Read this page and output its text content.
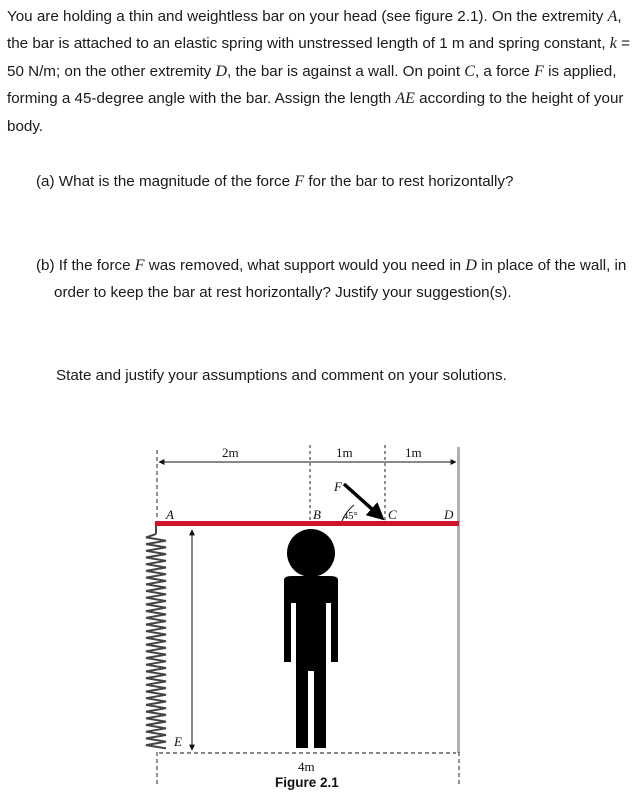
You are holding a thin and weightless bar on your head (see figure 2.1). On the extremity A, the bar is attached to an elastic spring with unstressed length of 1 m and spring constant, k = 50 N/m; on the other extremity D, the bar is against a wall. On point C, a force F is applied, forming a 45-degree angle with the bar. Assign the length AE according to the height of your body.
(a) What is the magnitude of the force F for the bar to rest horizontally?
(b) If the force F was removed, what support would you need in D in place of the wall, in order to keep the bar at rest horizontally? Justify your suggestion(s).
State and justify your assumptions and comment on your solutions.
2m	1m	1m
4m
A	B	C	D
E
F
45°
Figure 2.1
